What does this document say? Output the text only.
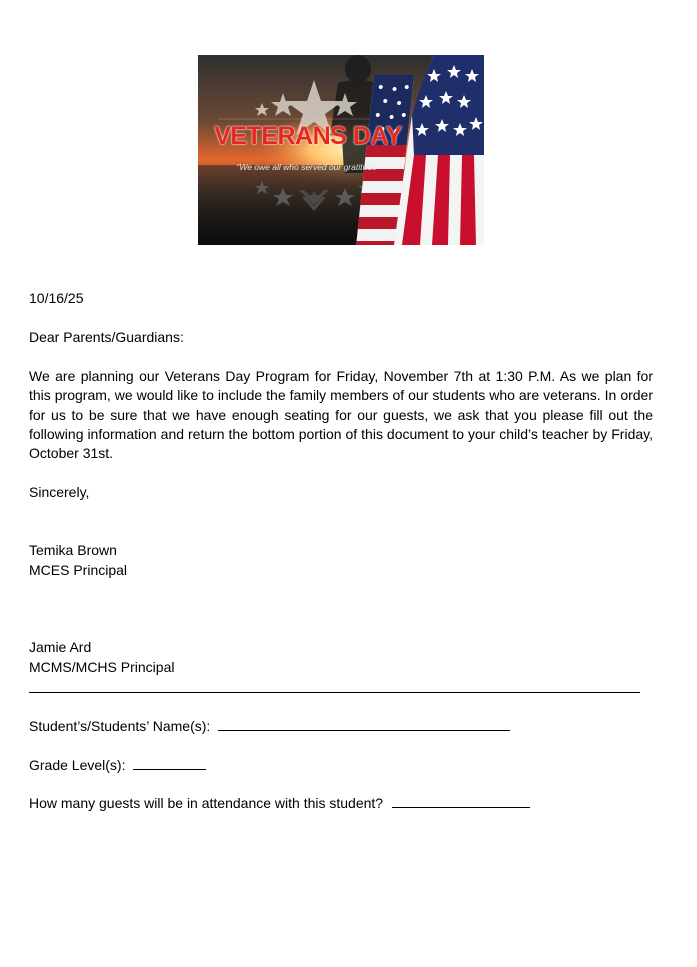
VETERANS DAY
“We owe all who served our gratitude”
10/16/25
Dear Parents/Guardians:
We are planning our Veterans Day Program for Friday, November 7th at 1:30 P.M. As we plan for this program, we would like to include the family members of our students who are veterans. In order for us to be sure that we have enough seating for our guests, we ask that you please fill out the following information and return the bottom portion of this document to your child’s teacher by Friday, October 31st.
Sincerely,
Temika Brown
MCES Principal
Jamie Ard
MCMS/MCHS Principal
Student’s/Students’ Name(s):
Grade Level(s):
How many guests will be in attendance with this student?
